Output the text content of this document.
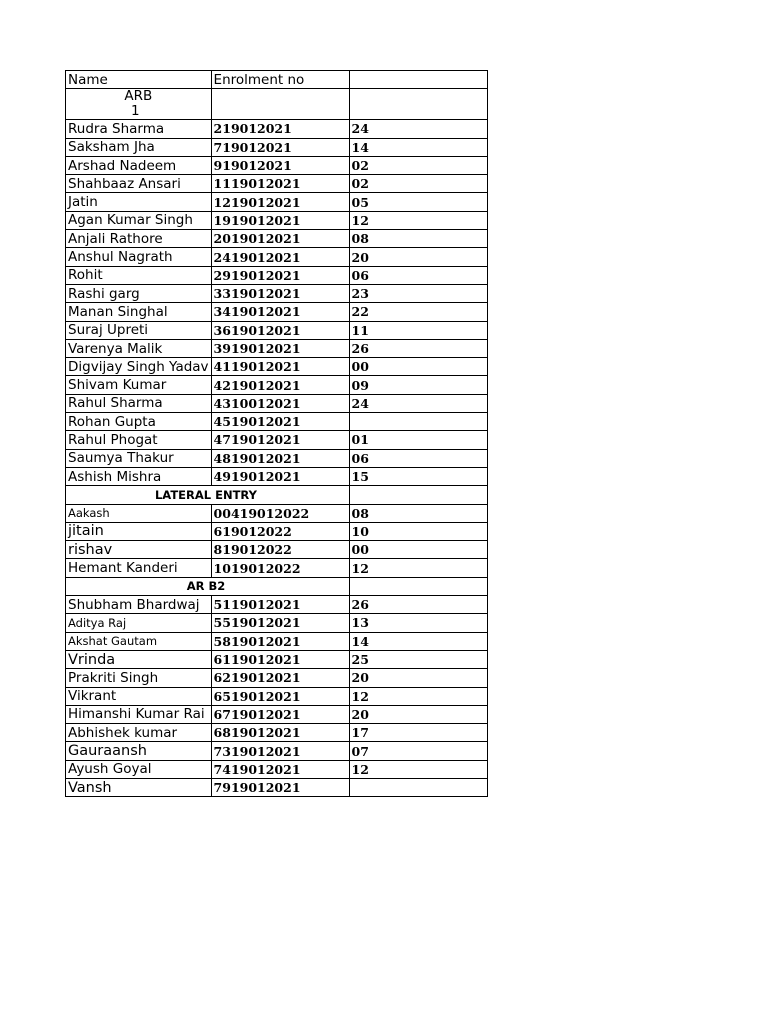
Name	Enrolment no	

ARB
1		

Rudra Sharma	219012021	24
Saksham Jha	719012021	14
Arshad Nadeem	919012021	02
Shahbaaz Ansari	1119012021	02
Jatin	1219012021	05
Agan Kumar Singh	1919012021	12
Anjali Rathore	2019012021	08
Anshul Nagrath	2419012021	20
Rohit	2919012021	06
Rashi garg	3319012021	23
Manan Singhal	3419012021	22
Suraj Upreti	3619012021	11
Varenya Malik	3919012021	26
Digvijay Singh Yadav	4119012021	00
Shivam Kumar	4219012021	09
Rahul Sharma	4310012021	24
Rohan Gupta	4519012021	
Rahul Phogat	4719012021	01
Saumya Thakur	4819012021	06
Ashish Mishra	4919012021	15
LATERAL ENTRY		
Aakash	00419012022	08
jitain	619012022	10
rishav	819012022	00
Hemant Kanderi	1019012022	12
AR B2		
Shubham Bhardwaj	5119012021	26
Aditya Raj	5519012021	13
Akshat Gautam	5819012021	14
Vrinda	6119012021	25
Prakriti Singh	6219012021	20
Vikrant	6519012021	12
Himanshi Kumar Rai	6719012021	20
Abhishek kumar	6819012021	17
Gauraansh	7319012021	07
Ayush Goyal	7419012021	12
Vansh	7919012021	
